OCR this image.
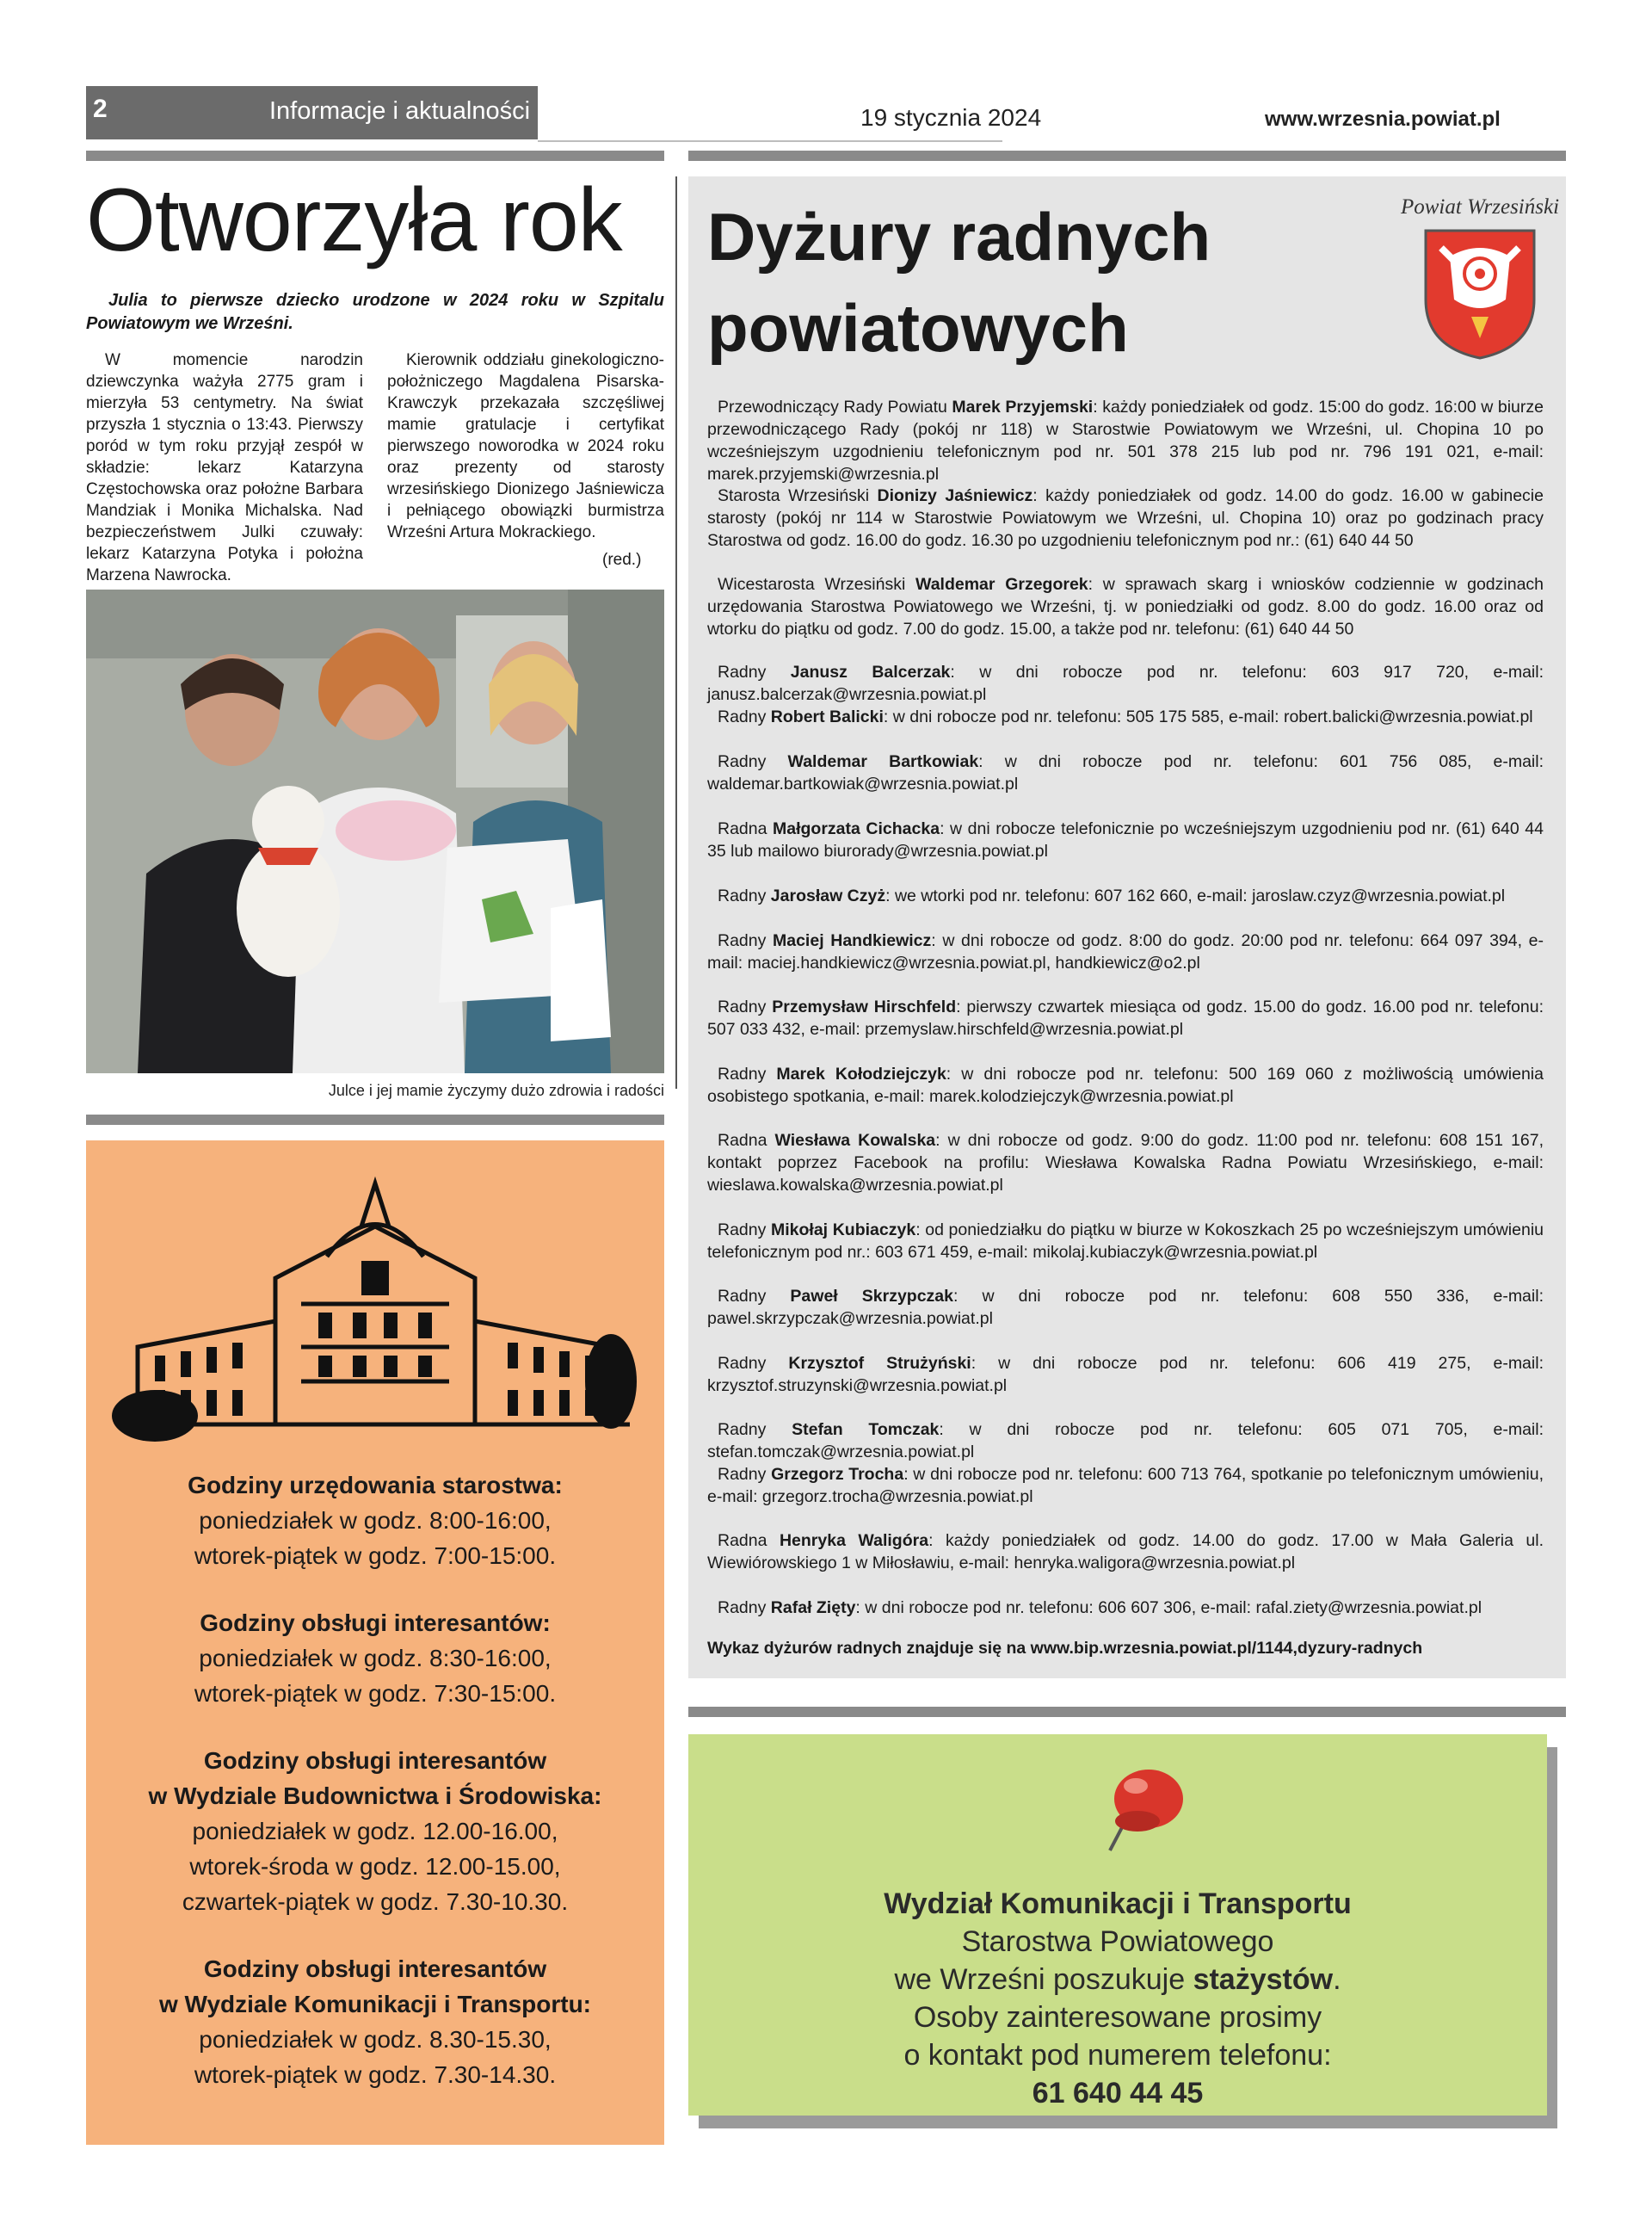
2	Informacje i aktualności	19 stycznia 2024	www.wrzesnia.powiat.pl
Otworzyła rok
Julia to pierwsze dziecko urodzone w 2024 roku w Szpitalu Powiatowym we Wrześni.
W momencie narodzin dziewczynka ważyła 2775 gram i mierzyła 53 centymetry. Na świat przyszła 1 stycznia o 13:43. Pierwszy poród w tym roku przyjął zespół w składzie: lekarz Katarzyna Częstochowska oraz położne Barbara Mandziak i Monika Michalska. Nad bezpieczeństwem Julki czuwały: lekarz Katarzyna Potyka i położna Marzena Nawrocka.
Kierownik oddziału ginekologiczno-położniczego Magdalena Pisarska-Krawczyk przekazała szczęśliwej mamie gratulacje i certyfikat pierwszego noworodka w 2024 roku oraz prezenty od starosty wrzesińskiego Dionizego Jaśniewicza i pełniącego obowiązki burmistrza Wrześni Artura Mokrackiego.
(red.)
fot. arch. Szpitala Powiatowego
Julce i jej mamie życzymy dużo zdrowia i radości
Godziny urzędowania starostwa:
poniedziałek w godz. 8:00-16:00,
wtorek-piątek w godz. 7:00-15:00.
Godziny obsługi interesantów:
poniedziałek w godz. 8:30-16:00,
wtorek-piątek w godz. 7:30-15:00.
Godziny obsługi interesantów
w Wydziale Budownictwa i Środowiska:
poniedziałek w godz. 12.00-16.00,
wtorek-środa w godz. 12.00-15.00,
czwartek-piątek w godz. 7.30-10.30.
Godziny obsługi interesantów
w Wydziale Komunikacji i Transportu:
poniedziałek w godz. 8.30-15.30,
wtorek-piątek w godz. 7.30-14.30.
Dyżury radnych
powiatowych
Powiat Wrzesiński
Przewodniczący Rady Powiatu Marek Przyjemski: każdy poniedziałek od godz. 15:00 do godz. 16:00 w biurze przewodniczącego Rady (pokój nr 118) w Starostwie Powiatowym we Wrześni, ul. Chopina 10 po wcześniejszym uzgodnieniu telefonicznym pod nr. 501 378 215 lub pod nr. 796 191 021, e-mail: marek.przyjemski@wrzesnia.pl
Starosta Wrzesiński Dionizy Jaśniewicz: każdy poniedziałek od godz. 14.00 do godz. 16.00 w gabinecie starosty (pokój nr 114 w Starostwie Powiatowym we Wrześni, ul. Chopina 10) oraz po godzinach pracy Starostwa od godz. 16.00 do godz. 16.30 po uzgodnieniu telefonicznym pod nr.: (61) 640 44 50
Wicestarosta Wrzesiński Waldemar Grzegorek: w sprawach skarg i wniosków codziennie w godzinach urzędowania Starostwa Powiatowego we Wrześni, tj. w poniedziałki od godz. 8.00 do godz. 16.00 oraz od wtorku do piątku od godz. 7.00 do godz. 15.00, a także pod nr. telefonu: (61) 640 44 50
Radny Janusz Balcerzak: w dni robocze pod nr. telefonu: 603 917 720, e-mail: janusz.balcerzak@wrzesnia.powiat.pl
Radny Robert Balicki: w dni robocze pod nr. telefonu: 505 175 585, e-mail: robert.balicki@wrzesnia.powiat.pl
Radny Waldemar Bartkowiak: w dni robocze pod nr. telefonu: 601 756 085, e-mail: waldemar.bartkowiak@wrzesnia.powiat.pl
Radna Małgorzata Cichacka: w dni robocze telefonicznie po wcześniejszym uzgodnieniu pod nr. (61) 640 44 35 lub mailowo biurorady@wrzesnia.powiat.pl
Radny Jarosław Czyż: we wtorki pod nr. telefonu: 607 162 660, e-mail: jaroslaw.czyz@wrzesnia.powiat.pl
Radny Maciej Handkiewicz: w dni robocze od godz. 8:00 do godz. 20:00 pod nr. telefonu: 664 097 394, e-mail: maciej.handkiewicz@wrzesnia.powiat.pl, handkiewicz@o2.pl
Radny Przemysław Hirschfeld: pierwszy czwartek miesiąca od godz. 15.00 do godz. 16.00 pod nr. telefonu: 507 033 432, e-mail: przemyslaw.hirschfeld@wrzesnia.powiat.pl
Radny Marek Kołodziejczyk: w dni robocze pod nr. telefonu: 500 169 060 z możliwością umówienia osobistego spotkania, e-mail: marek.kolodziejczyk@wrzesnia.powiat.pl
Radna Wiesława Kowalska: w dni robocze od godz. 9:00 do godz. 11:00 pod nr. telefonu: 608 151 167, kontakt poprzez Facebook na profilu: Wiesława Kowalska Radna Powiatu Wrzesińskiego, e-mail: wieslawa.kowalska@wrzesnia.powiat.pl
Radny Mikołaj Kubiaczyk: od poniedziałku do piątku w biurze w Kokoszkach 25 po wcześniejszym umówieniu telefonicznym pod nr.: 603 671 459, e-mail: mikolaj.kubiaczyk@wrzesnia.powiat.pl
Radny Paweł Skrzypczak: w dni robocze pod nr. telefonu: 608 550 336, e-mail: pawel.skrzypczak@wrzesnia.powiat.pl
Radny Krzysztof Strużyński: w dni robocze pod nr. telefonu: 606 419 275, e-mail: krzysztof.struzynski@wrzesnia.powiat.pl
Radny Stefan Tomczak: w dni robocze pod nr. telefonu: 605 071 705, e-mail: stefan.tomczak@wrzesnia.powiat.pl
Radny Grzegorz Trocha: w dni robocze pod nr. telefonu: 600 713 764, spotkanie po telefonicznym umówieniu, e-mail: grzegorz.trocha@wrzesnia.powiat.pl
Radna Henryka Waligóra: każdy poniedziałek od godz. 14.00 do godz. 17.00 w Mała Galeria ul. Wiewiórowskiego 1 w Miłosławiu, e-mail: henryka.waligora@wrzesnia.powiat.pl
Radny Rafał Zięty: w dni robocze pod nr. telefonu: 606 607 306, e-mail: rafal.ziety@wrzesnia.powiat.pl
Wykaz dyżurów radnych znajduje się na www.bip.wrzesnia.powiat.pl/1144,dyzury-radnych
Wydział Komunikacji i Transportu
Starostwa Powiatowego
we Wrześni poszukuje stażystów.
Osoby zainteresowane prosimy
o kontakt pod numerem telefonu:
61 640 44 45
